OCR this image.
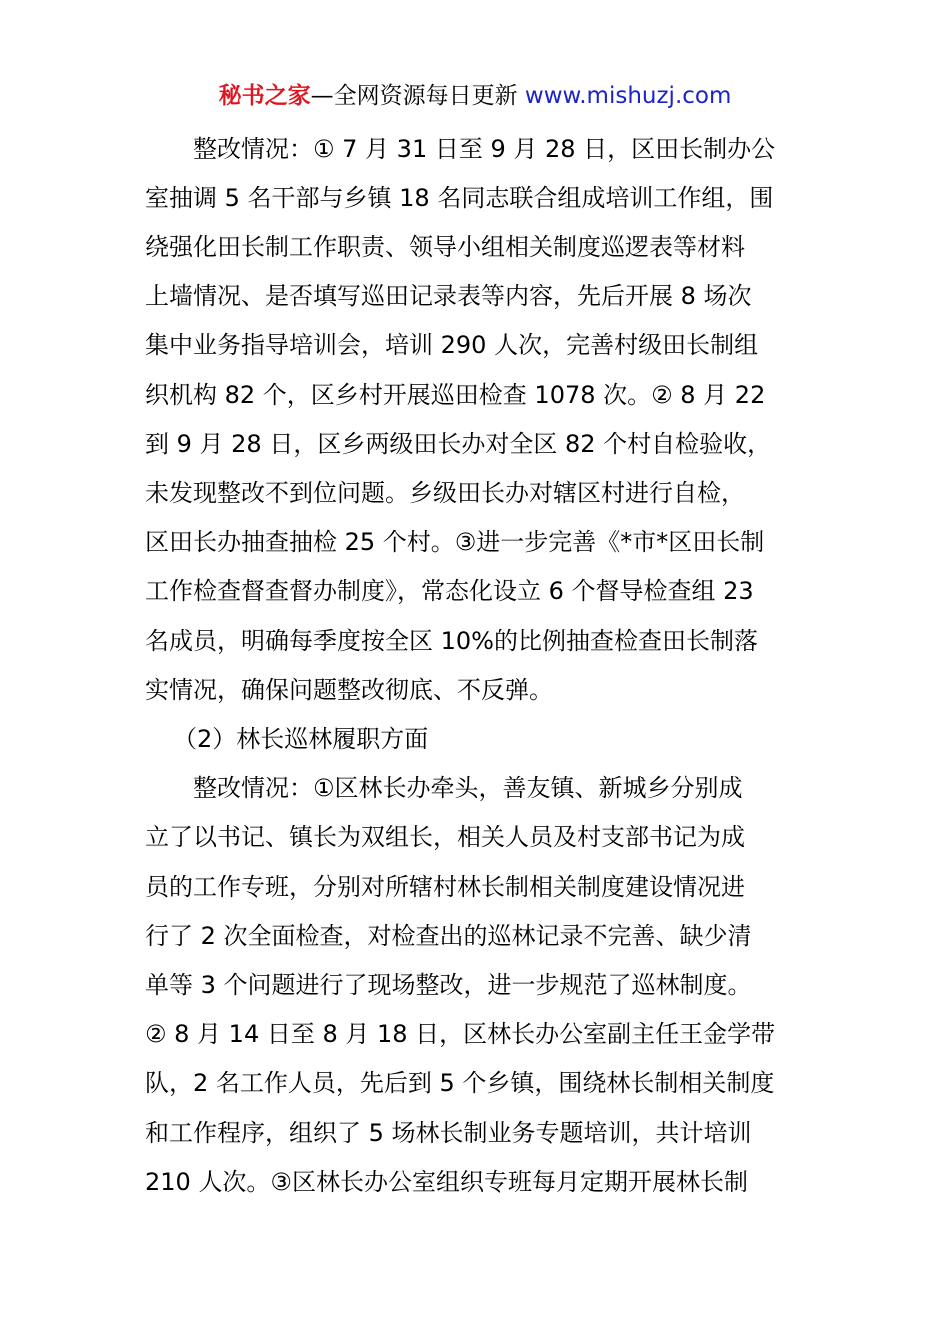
秘书之家—全网资源每日更新 www.mishuzj.com
整改情况：① 7 月 31 日至 9 月 28 日，区田长制办公
室抽调 5 名干部与乡镇 18 名同志联合组成培训工作组，围
绕强化田长制工作职责、领导小组相关制度巡逻表等材料
上墙情况、是否填写巡田记录表等内容，先后开展 8 场次
集中业务指导培训会，培训 290 人次，完善村级田长制组
织机构 82 个，区乡村开展巡田检查 1078 次。② 8 月 22
到 9 月 28 日，区乡两级田长办对全区 82 个村自检验收，
未发现整改不到位问题。乡级田长办对辖区村进行自检，
区田长办抽查抽检 25 个村。③进一步完善《*市*区田长制
工作检查督查督办制度》，常态化设立 6 个督导检查组 23
名成员，明确每季度按全区 10%的比例抽查检查田长制落
实情况，确保问题整改彻底、不反弹。
（2）林长巡林履职方面
整改情况：①区林长办牵头，善友镇、新城乡分别成
立了以书记、镇长为双组长，相关人员及村支部书记为成
员的工作专班，分别对所辖村林长制相关制度建设情况进
行了 2 次全面检查，对检查出的巡林记录不完善、缺少清
单等 3 个问题进行了现场整改，进一步规范了巡林制度。
② 8 月 14 日至 8 月 18 日，区林长办公室副主任王金学带
队，2 名工作人员，先后到 5 个乡镇，围绕林长制相关制度
和工作程序，组织了 5 场林长制业务专题培训，共计培训
210 人次。③区林长办公室组织专班每月定期开展林长制
